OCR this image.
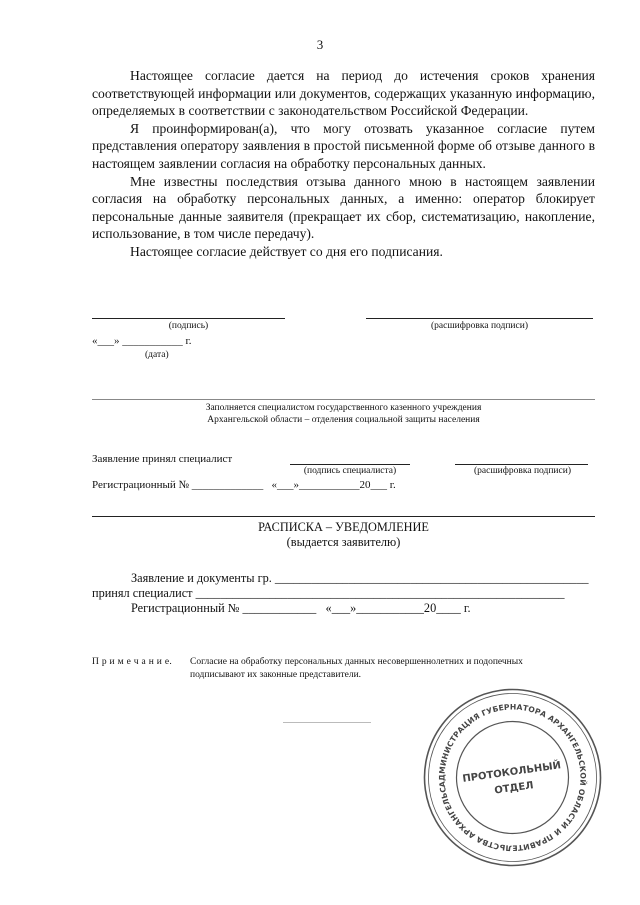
3

Настоящее согласие дается на период до истечения сроков хранения соответствующей информации или документов, содержащих указанную информацию, определяемых в соответствии с законодательством Российской Федерации.

Я проинформирован(а), что могу отозвать указанное согласие путем представления оператору заявления в простой письменной форме об отзыве данного в настоящем заявлении согласия на обработку персональных данных.

Мне известны последствия отзыва данного мною в настоящем заявлении согласия на обработку персональных данных, а именно: оператор блокирует персональные данные заявителя (прекращает их сбор, систематизацию, накопление, использование, в том числе передачу).

Настоящее согласие действует со дня его подписания.

(подпись)	(расшифровка подписи)
«___» ___________ г.
(дата)
Заполняется специалистом государственного казенного учреждения
Архангельской области – отделения социальной защиты населения
Заявление принял специалист
(подпись специалиста)	(расшифровка подписи)
Регистрационный № _____________   «___»___________20___ г.
РАСПИСКА – УВЕДОМЛЕНИЕ
(выдается заявителю)
Заявление и документы гр. ___________________________________________________
принял специалист ____________________________________________________________
Регистрационный № ____________   «___»___________20____ г.
П р и м е ч а н и е. Согласие на обработку персональных данных несовершеннолетних и подопечных
подписывают их законные представители.
АДМИНИСТРАЦИЯ ГУБЕРНАТОРА АРХАНГЕЛЬСКОЙ ОБЛАСТИ И ПРАВИТЕЛЬСТВА АРХАНГЕЛЬСКОЙ
ПРОТОКОЛЬНЫЙ
ОТДЕЛ
